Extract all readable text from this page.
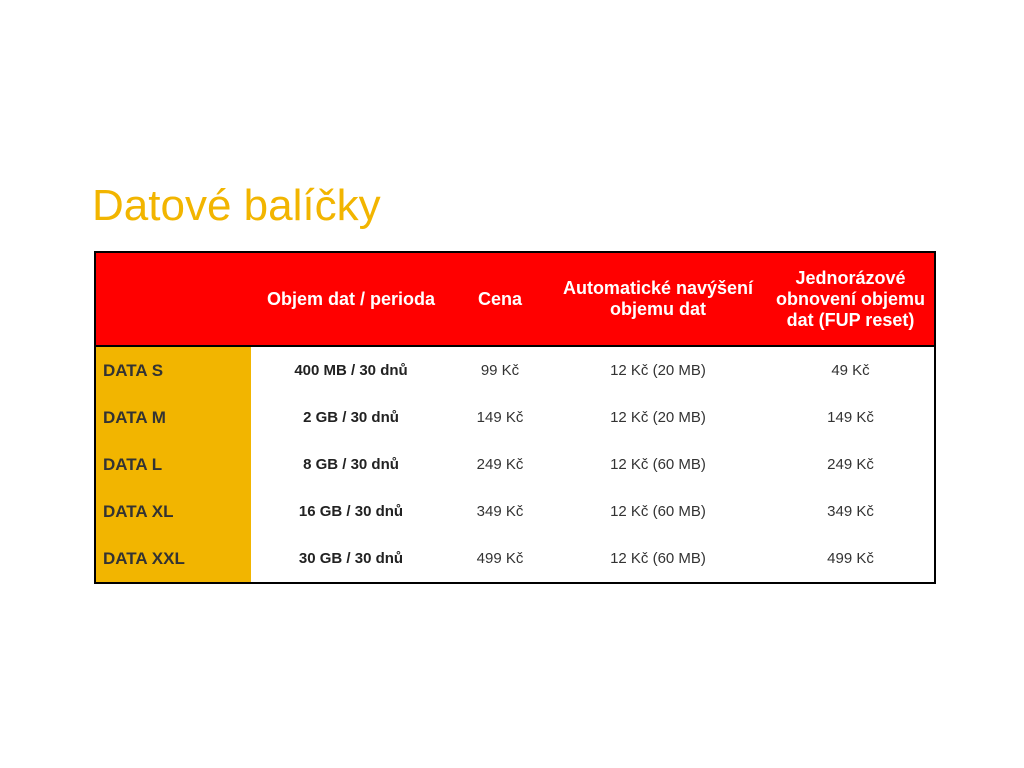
Datové balíčky
	Objem dat / perioda	Cena	Automatické navýšení objemu dat	Jednorázové obnovení objemu dat (FUP reset)
DATA S	400 MB / 30 dnů	99 Kč	12 Kč (20 MB)	49 Kč
DATA M	2 GB / 30 dnů	149 Kč	12 Kč (20 MB)	149 Kč
DATA L	8 GB / 30 dnů	249 Kč	12 Kč (60 MB)	249 Kč
DATA XL	16 GB / 30 dnů	349 Kč	12 Kč (60 MB)	349 Kč
DATA XXL	30 GB / 30 dnů	499 Kč	12 Kč (60 MB)	499 Kč
